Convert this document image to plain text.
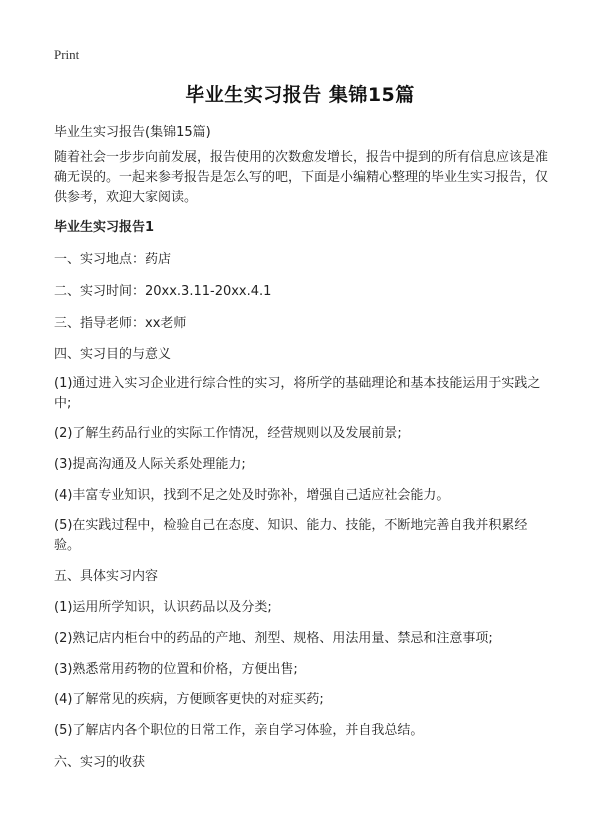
Print
毕业生实习报告 集锦15篇
毕业生实习报告(集锦15篇)
随着社会一步步向前发展，报告使用的次数愈发增长，报告中提到的所有信息应该是准确无误的。一起来参考报告是怎么写的吧，下面是小编精心整理的毕业生实习报告，仅供参考，欢迎大家阅读。
毕业生实习报告1
一、实习地点：药店
二、实习时间：20xx.3.11-20xx.4.1
三、指导老师：xx老师
四、实习目的与意义
(1)通过进入实习企业进行综合性的实习，将所学的基础理论和基本技能运用于实践之中;
(2)了解生药品行业的实际工作情况，经营规则以及发展前景;
(3)提高沟通及人际关系处理能力;
(4)丰富专业知识，找到不足之处及时弥补，增强自己适应社会能力。
(5)在实践过程中，检验自己在态度、知识、能力、技能，不断地完善自我并积累经验。
五、具体实习内容
(1)运用所学知识，认识药品以及分类;
(2)熟记店内柜台中的药品的产地、剂型、规格、用法用量、禁忌和注意事项;
(3)熟悉常用药物的位置和价格，方便出售;
(4)了解常见的疾病，方便顾客更快的对症买药;
(5)了解店内各个职位的日常工作，亲自学习体验，并自我总结。
六、实习的收获
